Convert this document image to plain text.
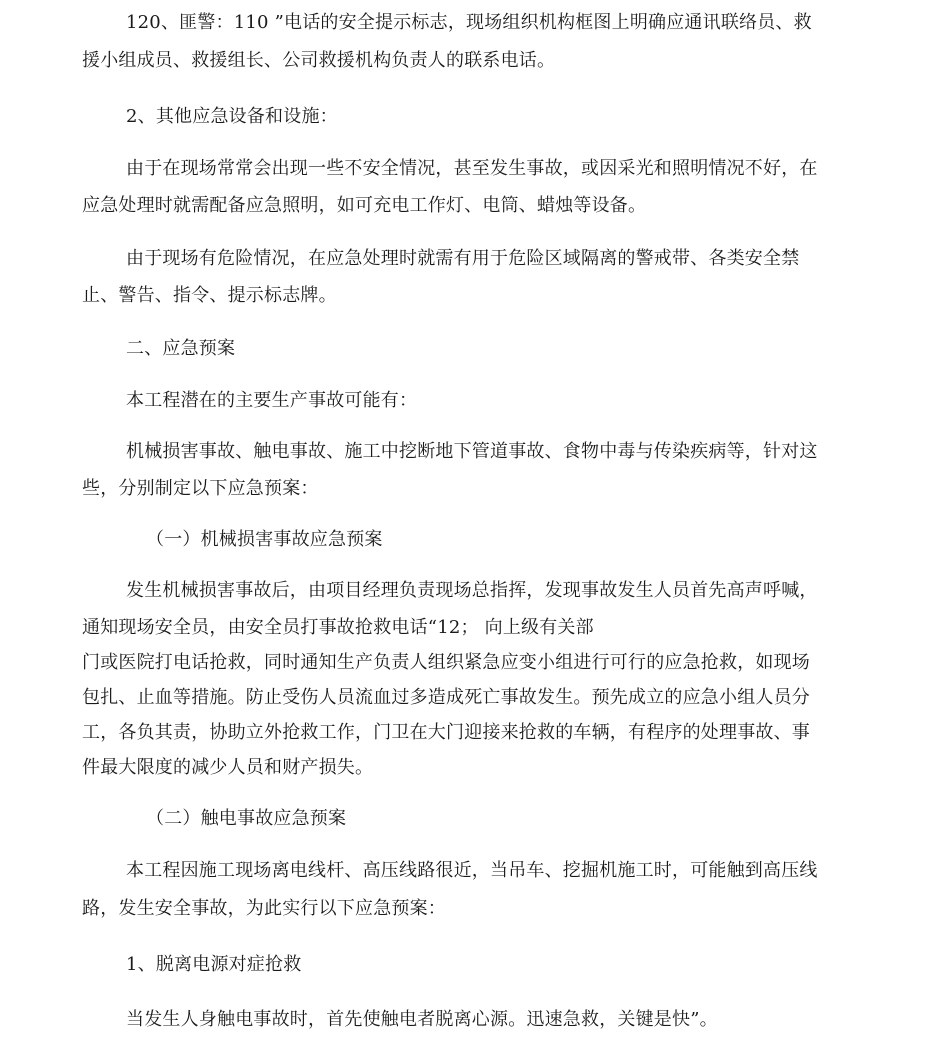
120、匪警：110 ”电话的安全提示标志，现场组织机构框图上明确应通讯联络员、救
援小组成员、救援组长、公司救援机构负责人的联系电话。
2、其他应急设备和设施：
由于在现场常常会出现一些不安全情况，甚至发生事故，或因采光和照明情况不好，在
应急处理时就需配备应急照明，如可充电工作灯、电筒、蜡烛等设备。
由于现场有危险情况，在应急处理时就需有用于危险区域隔离的警戒带、各类安全禁
止、警告、指令、提示标志牌。
二、应急预案
本工程潜在的主要生产事故可能有：
机械损害事故、触电事故、施工中挖断地下管道事故、食物中毒与传染疾病等，针对这
些，分别制定以下应急预案：
（一）机械损害事故应急预案
发生机械损害事故后，由项目经理负责现场总指挥，发现事故发生人员首先高声呼喊，
通知现场安全员，由安全员打事故抢救电话“12； 向上级有关部
门或医院打电话抢救，同时通知生产负责人组织紧急应变小组进行可行的应急抢救，如现场
包扎、止血等措施。防止受伤人员流血过多造成死亡事故发生。预先成立的应急小组人员分
工，各负其责，协助立外抢救工作，门卫在大门迎接来抢救的车辆，有程序的处理事故、事
件最大限度的减少人员和财产损失。
（二）触电事故应急预案
本工程因施工现场离电线杆、高压线路很近，当吊车、挖掘机施工时，可能触到高压线
路，发生安全事故，为此实行以下应急预案：
1、脱离电源对症抢救
当发生人身触电事故时，首先使触电者脱离心源。迅速急救，关键是快”。
